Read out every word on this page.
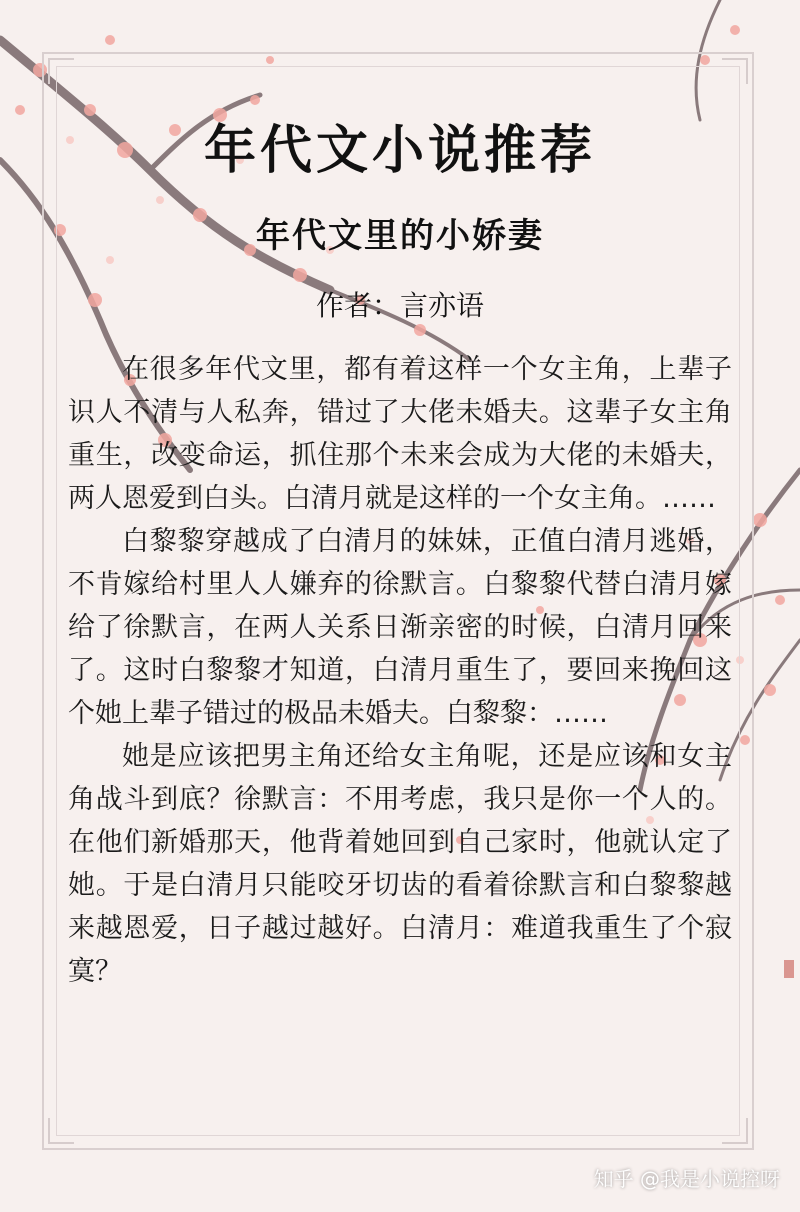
年代文小说推荐
年代文里的小娇妻
作者：言亦语

在很多年代文里，都有着这样一个女主角，上辈子识人不清与人私奔，错过了大佬未婚夫。这辈子女主角重生，改变命运，抓住那个未来会成为大佬的未婚夫，两人恩爱到白头。白清月就是这样的一个女主角。……

白黎黎穿越成了白清月的妹妹，正值白清月逃婚，不肯嫁给村里人人嫌弃的徐默言。白黎黎代替白清月嫁给了徐默言，在两人关系日渐亲密的时候，白清月回来了。这时白黎黎才知道，白清月重生了，要回来挽回这个她上辈子错过的极品未婚夫。白黎黎：……

她是应该把男主角还给女主角呢，还是应该和女主角战斗到底？徐默言：不用考虑，我只是你一个人的。在他们新婚那天，他背着她回到自己家时，他就认定了她。于是白清月只能咬牙切齿的看着徐默言和白黎黎越来越恩爱，日子越过越好。白清月：难道我重生了个寂寞？

知乎 @我是小说控呀
